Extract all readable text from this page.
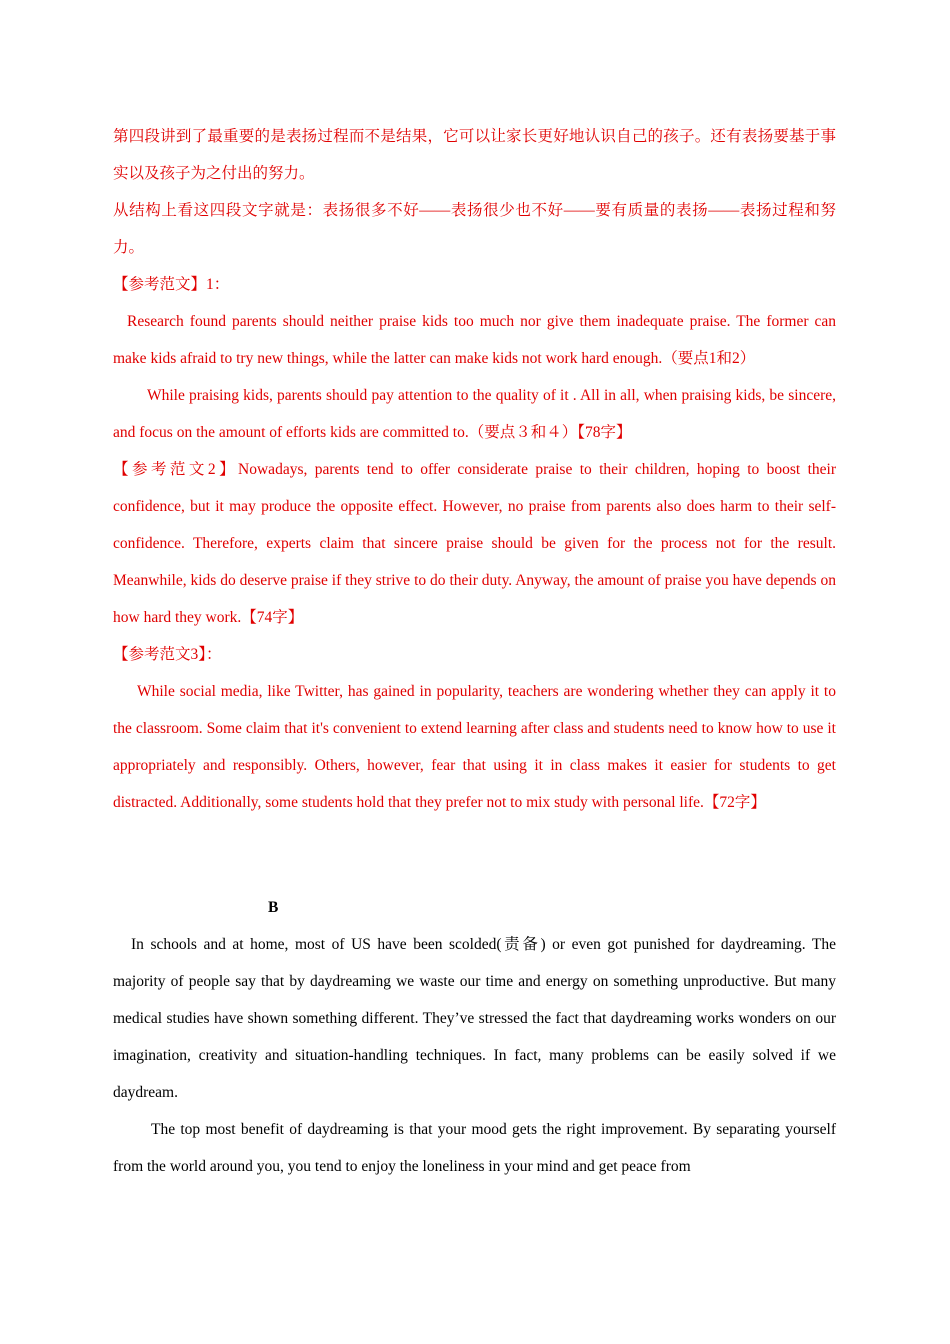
第四段讲到了最重要的是表扬过程而不是结果，它可以让家长更好地认识自己的孩子。还有表扬要基于事实以及孩子为之付出的努力。

从结构上看这四段文字就是：表扬很多不好——表扬很少也不好——要有质量的表扬——表扬过程和努力。

【参考范文】1：

Research found parents should neither praise kids too much nor give them inadequate praise. The former can make kids afraid to try new things, while the latter can make kids not work hard enough.（要点1和2）

While praising kids, parents should pay attention to the quality of it . All in all, when praising kids, be sincere, and focus on the amount of efforts kids are committed to.（要点３和４）【78字】

【参考范文2】Nowadays, parents tend to offer considerate praise to their children, hoping to boost their confidence, but it may produce the opposite effect. However, no praise from parents also does harm to their self-confidence. Therefore, experts claim that sincere praise should be given for the process not for the result. Meanwhile, kids do deserve praise if they strive to do their duty. Anyway, the amount of praise you have depends on how hard they work.【74字】

【参考范文3】：

While social media, like Twitter, has gained in popularity, teachers are wondering whether they can apply it to the classroom. Some claim that it's convenient to extend learning after class and students need to know how to use it appropriately and responsibly. Others, however, fear that using it in class makes it easier for students to get distracted. Additionally, some students hold that they prefer not to mix study with personal life.【72字】

B

In schools and at home, most of US have been scolded(责备) or even got punished for daydreaming. The majority of people say that by daydreaming we waste our time and energy on something unproductive. But many medical studies have shown something different. They’ve stressed the fact that daydreaming works wonders on our imagination, creativity and situation-handling techniques. In fact, many problems can be easily solved if we daydream.

The top most benefit of daydreaming is that your mood gets the right improvement. By separating yourself from the world around you, you tend to enjoy the loneliness in your mind and get peace from
